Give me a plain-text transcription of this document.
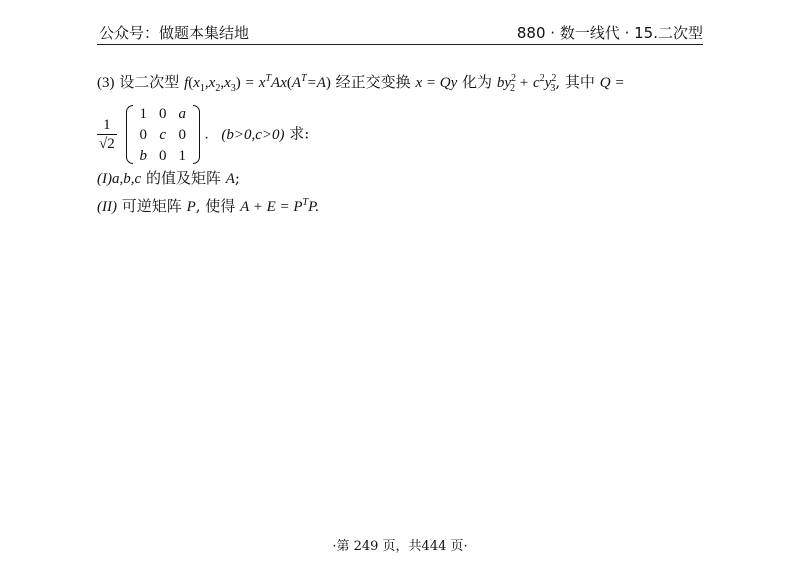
公众号：做题本集结地	880 · 数一线代 · 15.二次型
(3) 设二次型 $f(x_1,x_2,x_3) = x^TAx(A^T=A)$ 经正交变换 x = Qy 化为 $by^2_2 + c^2y^2_3$, 其中 Q =
$\frac{1}{√2}$

1	0	a
0	c	0
b	0	1
. (b>0,c>0) 求:
(I)a,b,c 的值及矩阵 A;
(II) 可逆矩阵 P, 使得 $A + E = P^TP$.
·第 249 页，共444 页·
